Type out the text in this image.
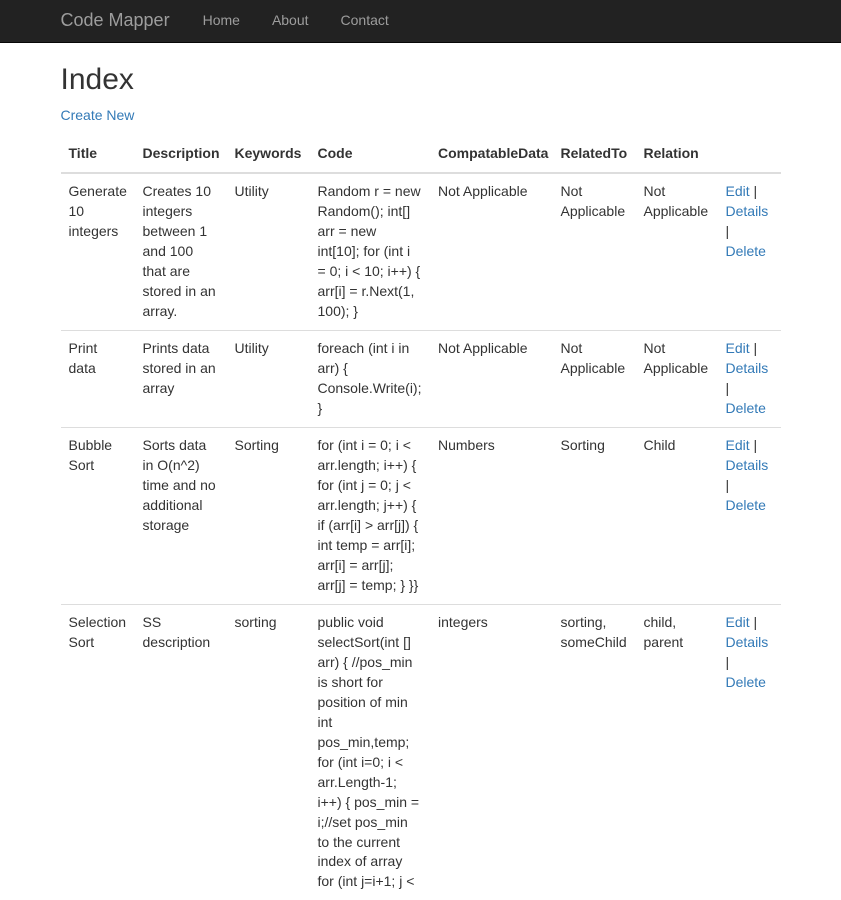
Code Mapper	Home	About	Contact
Index

Create New

Title	Description	Keywords	Code	CompatableData	RelatedTo	Relation	
Generate 10 integers	Creates 10 integers between 1 and 100 that are stored in an array.	Utility	Random r = new Random(); int[] arr = new int[10]; for (int i = 0; i < 10; i++) { arr[i] = r.Next(1, 100); }	Not Applicable	Not Applicable	Not Applicable	Edit | Details | Delete
Print data	Prints data stored in an array	Utility	foreach (int i in arr) { Console.Write(i); }	Not Applicable	Not Applicable	Not Applicable	Edit | Details | Delete
Bubble Sort	Sorts data in O(n^2) time and no additional storage	Sorting	for (int i = 0; i < arr.length; i++) { for (int j = 0; j < arr.length; j++) { if (arr[i] > arr[j]) { int temp = arr[i]; arr[i] = arr[j]; arr[j] = temp; } }}	Numbers	Sorting	Child	Edit | Details | Delete
Selection Sort	SS description	sorting	public void selectSort(int [] arr) { //pos_min is short for position of min int pos_min,temp; for (int i=0; i < arr.Length-1; i++) { pos_min = i;//set pos_min to the current index of array for (int j=i+1; j <	integers	sorting, someChild	child, parent	Edit | Details | Delete
